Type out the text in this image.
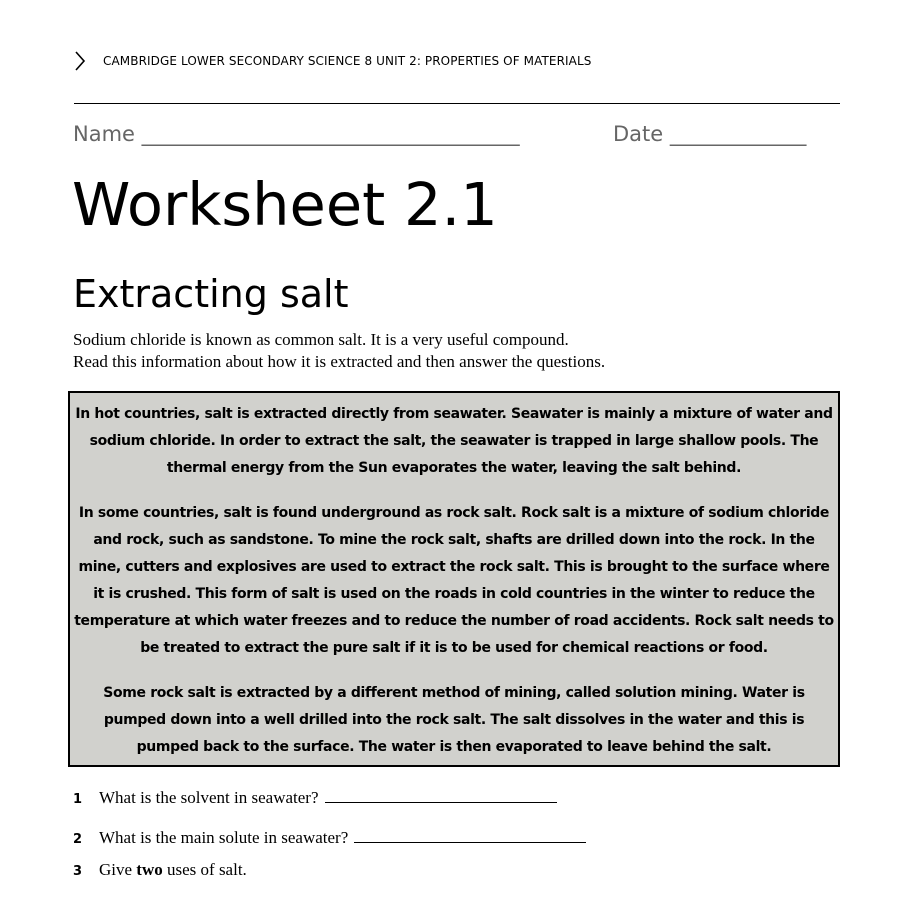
CAMBRIDGE LOWER SECONDARY SCIENCE 8 UNIT 2: PROPERTIES OF MATERIALS
Name ____________________________________	Date _____________
Worksheet 2.1
Extracting salt
Sodium chloride is known as common salt. It is a very useful compound.
Read this information about how it is extracted and then answer the questions.

In hot countries, salt is extracted directly from seawater. Seawater is mainly a mixture of water and sodium chloride. In order to extract the salt, the seawater is trapped in large shallow pools. The thermal energy from the Sun evaporates the water, leaving the salt behind.

In some countries, salt is found underground as rock salt. Rock salt is a mixture of sodium chloride and rock, such as sandstone. To mine the rock salt, shafts are drilled down into the rock. In the mine, cutters and explosives are used to extract the rock salt. This is brought to the surface where it is crushed. This form of salt is used on the roads in cold countries in the winter to reduce the temperature at which water freezes and to reduce the number of road accidents. Rock salt needs to be treated to extract the pure salt if it is to be used for chemical reactions or food.

Some rock salt is extracted by a different method of mining, called solution mining. Water is pumped down into a well drilled into the rock salt. The salt dissolves in the water and this is pumped back to the surface. The water is then evaporated to leave behind the salt.

1 What is the solvent in seawater?
2 What is the main solute in seawater?
3 Give two uses of salt.
